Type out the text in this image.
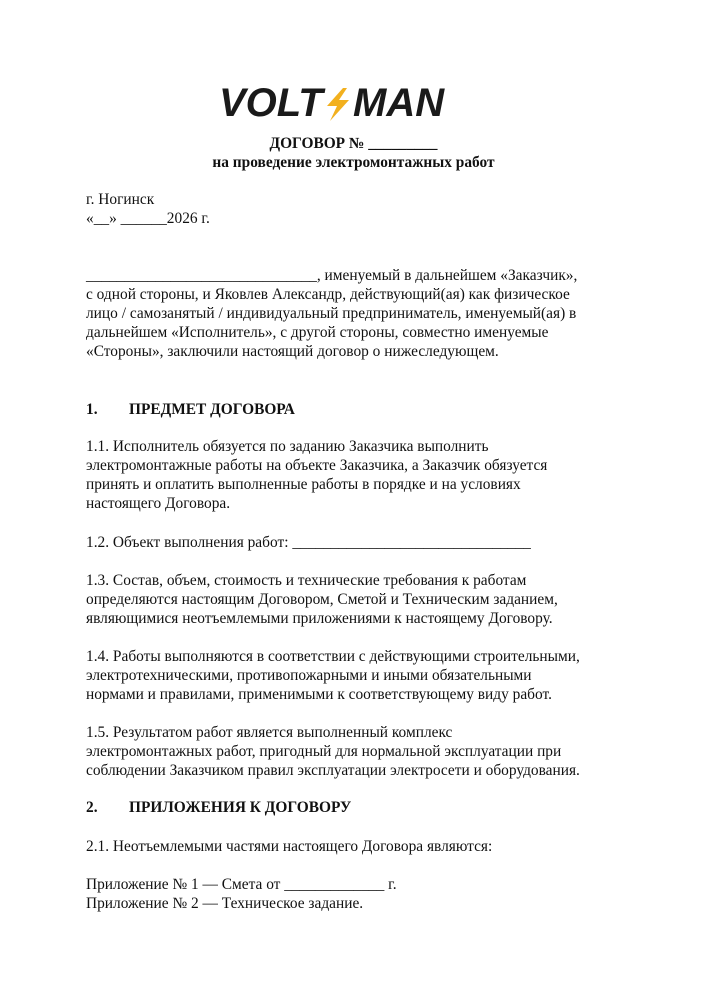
VOLT MAN
ДОГОВОР № _________
на проведение электромонтажных работ
г. Ногинск
«__» ______2026 г.
______________________________, именуемый в дальнейшем «Заказчик»,
с одной стороны, и Яковлев Александр, действующий(ая) как физическое
лицо / самозанятый / индивидуальный предприниматель, именуемый(ая) в
дальнейшем «Исполнитель», с другой стороны, совместно именуемые
«Стороны», заключили настоящий договор о нижеследующем.
1. ПРЕДМЕТ ДОГОВОРА
1.1. Исполнитель обязуется по заданию Заказчика выполнить
электромонтажные работы на объекте Заказчика, а Заказчик обязуется
принять и оплатить выполненные работы в порядке и на условиях
настоящего Договора.
1.2. Объект выполнения работ: _______________________________
1.3. Состав, объем, стоимость и технические требования к работам
определяются настоящим Договором, Сметой и Техническим заданием,
являющимися неотъемлемыми приложениями к настоящему Договору.
1.4. Работы выполняются в соответствии с действующими строительными,
электротехническими, противопожарными и иными обязательными
нормами и правилами, применимыми к соответствующему виду работ.
1.5. Результатом работ является выполненный комплекс
электромонтажных работ, пригодный для нормальной эксплуатации при
соблюдении Заказчиком правил эксплуатации электросети и оборудования.
2. ПРИЛОЖЕНИЯ К ДОГОВОРУ
2.1. Неотъемлемыми частями настоящего Договора являются:
Приложение № 1 — Смета от _____________ г.
Приложение № 2 — Техническое задание.
